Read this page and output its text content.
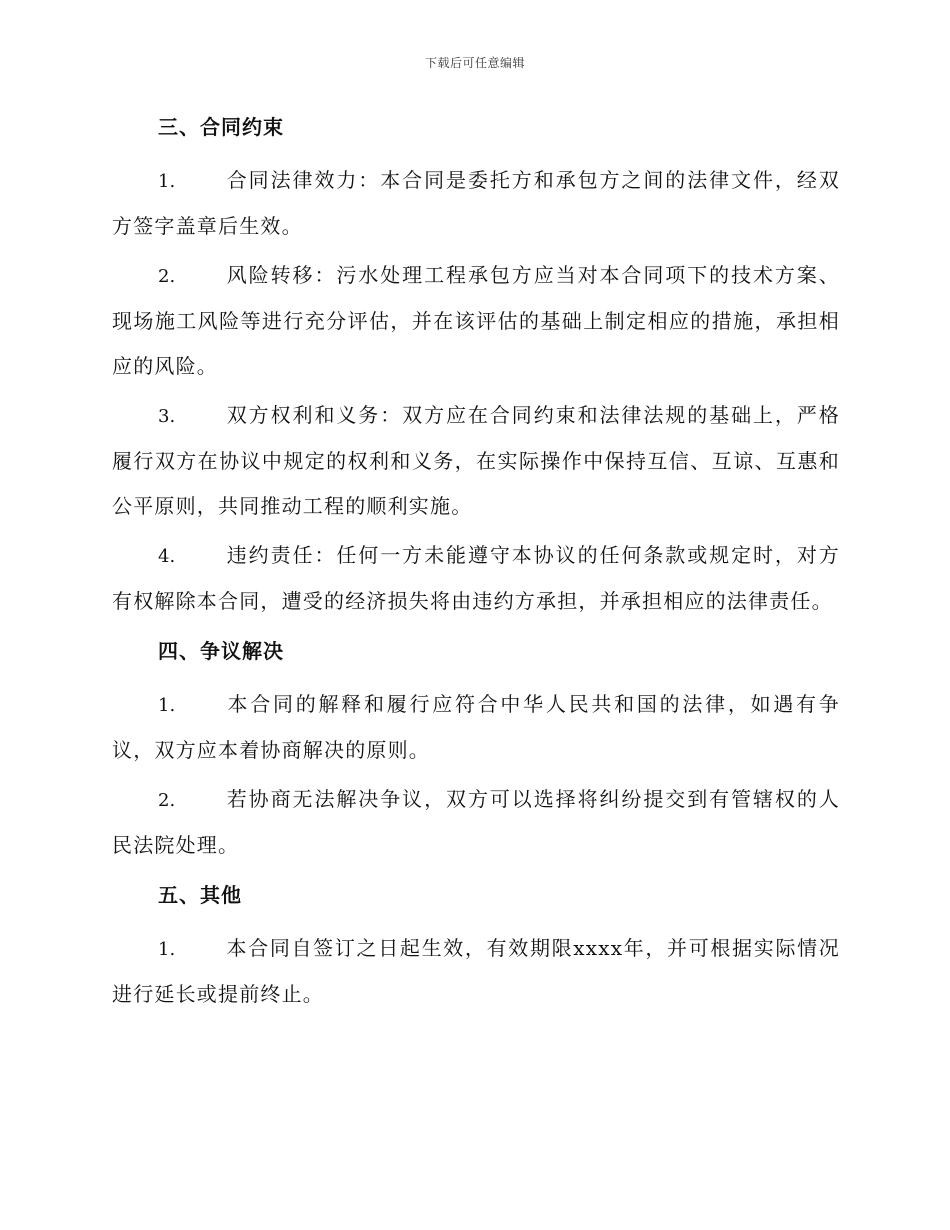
下载后可任意编辑
三、合同约束

1.	合同法律效力：本合同是委托方和承包方之间的法律文件，经双方签字盖章后生效。

2.	风险转移：污水处理工程承包方应当对本合同项下的技术方案、现场施工风险等进行充分评估，并在该评估的基础上制定相应的措施，承担相应的风险。

3.	双方权利和义务：双方应在合同约束和法律法规的基础上，严格履行双方在协议中规定的权利和义务，在实际操作中保持互信、互谅、互惠和公平原则，共同推动工程的顺利实施。

4.	违约责任：任何一方未能遵守本协议的任何条款或规定时，对方有权解除本合同，遭受的经济损失将由违约方承担，并承担相应的法律责任。

四、争议解决

1.	本合同的解释和履行应符合中华人民共和国的法律，如遇有争议，双方应本着协商解决的原则。

2.	若协商无法解决争议，双方可以选择将纠纷提交到有管辖权的人民法院处理。

五、其他

1.	本合同自签订之日起生效，有效期限xxxx年，并可根据实际情况进行延长或提前终止。
